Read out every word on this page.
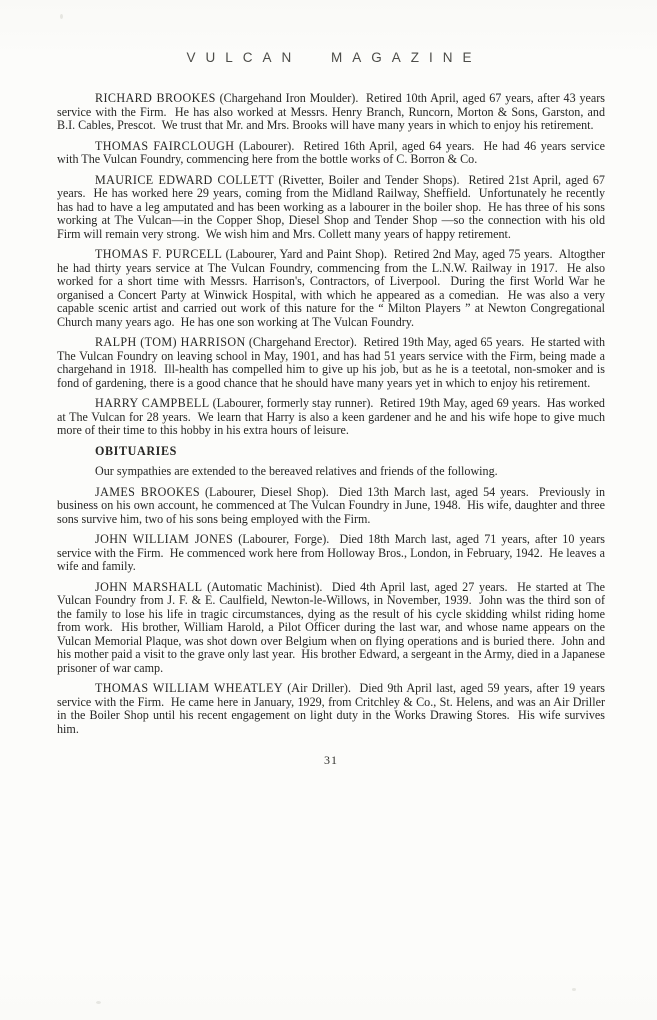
VULCAN MAGAZINE

RICHARD BROOKES (Chargehand Iron Moulder).  Retired 10th April, aged 67 years, after 43 years service with the Firm.  He has also worked at Messrs. Henry Branch, Runcorn, Morton & Sons, Garston, and B.I. Cables, Prescot.  We trust that Mr. and Mrs. Brooks will have many years in which to enjoy his retirement.

THOMAS FAIRCLOUGH (Labourer).  Retired 16th April, aged 64 years.  He had 46 years service with The Vulcan Foundry, commencing here from the bottle works of C. Borron & Co.

MAURICE EDWARD COLLETT (Rivetter, Boiler and Tender Shops).  Retired 21st April, aged 67 years.  He has worked here 29 years, coming from the Midland Railway, Sheffield.  Unfortunately he recently has had to have a leg amputated and has been working as a labourer in the boiler shop.  He has three of his sons working at The Vulcan—in the Copper Shop, Diesel Shop and Tender Shop —so the connection with his old Firm will remain very strong.  We wish him and Mrs. Collett many years of happy retirement.

THOMAS F. PURCELL (Labourer, Yard and Paint Shop).  Retired 2nd May, aged 75 years.  Altogther he had thirty years service at The Vulcan Foundry, commencing from the L.N.W. Railway in 1917.  He also worked for a short time with Messrs. Harrison's, Contractors, of Liverpool.  During the first World War he organised a Concert Party at Winwick Hospital, with which he appeared as a comedian.  He was also a very capable scenic artist and carried out work of this nature for the “ Milton Players ” at Newton Congregational Church many years ago.  He has one son working at The Vulcan Foundry.

RALPH (TOM) HARRISON (Chargehand Erector).  Retired 19th May, aged 65 years.  He started with The Vulcan Foundry on leaving school in May, 1901, and has had 51 years service with the Firm, being made a chargehand in 1918.  Ill-health has compelled him to give up his job, but as he is a teetotal, non-smoker and is fond of gardening, there is a good chance that he should have many years yet in which to enjoy his retirement.

HARRY CAMPBELL (Labourer, formerly stay runner).  Retired 19th May, aged 69 years.  Has worked at The Vulcan for 28 years.  We learn that Harry is also a keen gardener and he and his wife hope to give much more of their time to this hobby in his extra hours of leisure.

OBITUARIES

Our sympathies are extended to the bereaved relatives and friends of the following.

JAMES BROOKES (Labourer, Diesel Shop).  Died 13th March last, aged 54 years.  Previously in business on his own account, he commenced at The Vulcan Foundry in June, 1948.  His wife, daughter and three sons survive him, two of his sons being employed with the Firm.

JOHN WILLIAM JONES (Labourer, Forge).  Died 18th March last, aged 71 years, after 10 years service with the Firm.  He commenced work here from Holloway Bros., London, in February, 1942.  He leaves a wife and family.

JOHN MARSHALL (Automatic Machinist).  Died 4th April last, aged 27 years.  He started at The Vulcan Foundry from J. F. & E. Caulfield, Newton-le-Willows, in November, 1939.  John was the third son of the family to lose his life in tragic circumstances, dying as the result of his cycle skidding whilst riding home from work.  His brother, William Harold, a Pilot Officer during the last war, and whose name appears on the Vulcan Memorial Plaque, was shot down over Belgium when on flying operations and is buried there.  John and his mother paid a visit to the grave only last year.  His brother Edward, a sergeant in the Army, died in a Japanese prisoner of war camp.

THOMAS WILLIAM WHEATLEY (Air Driller).  Died 9th April last, aged 59 years, after 19 years service with the Firm.  He came here in January, 1929, from Critchley & Co., St. Helens, and was an Air Driller in the Boiler Shop until his recent engagement on light duty in the Works Drawing Stores.  His wife survives him.

31
